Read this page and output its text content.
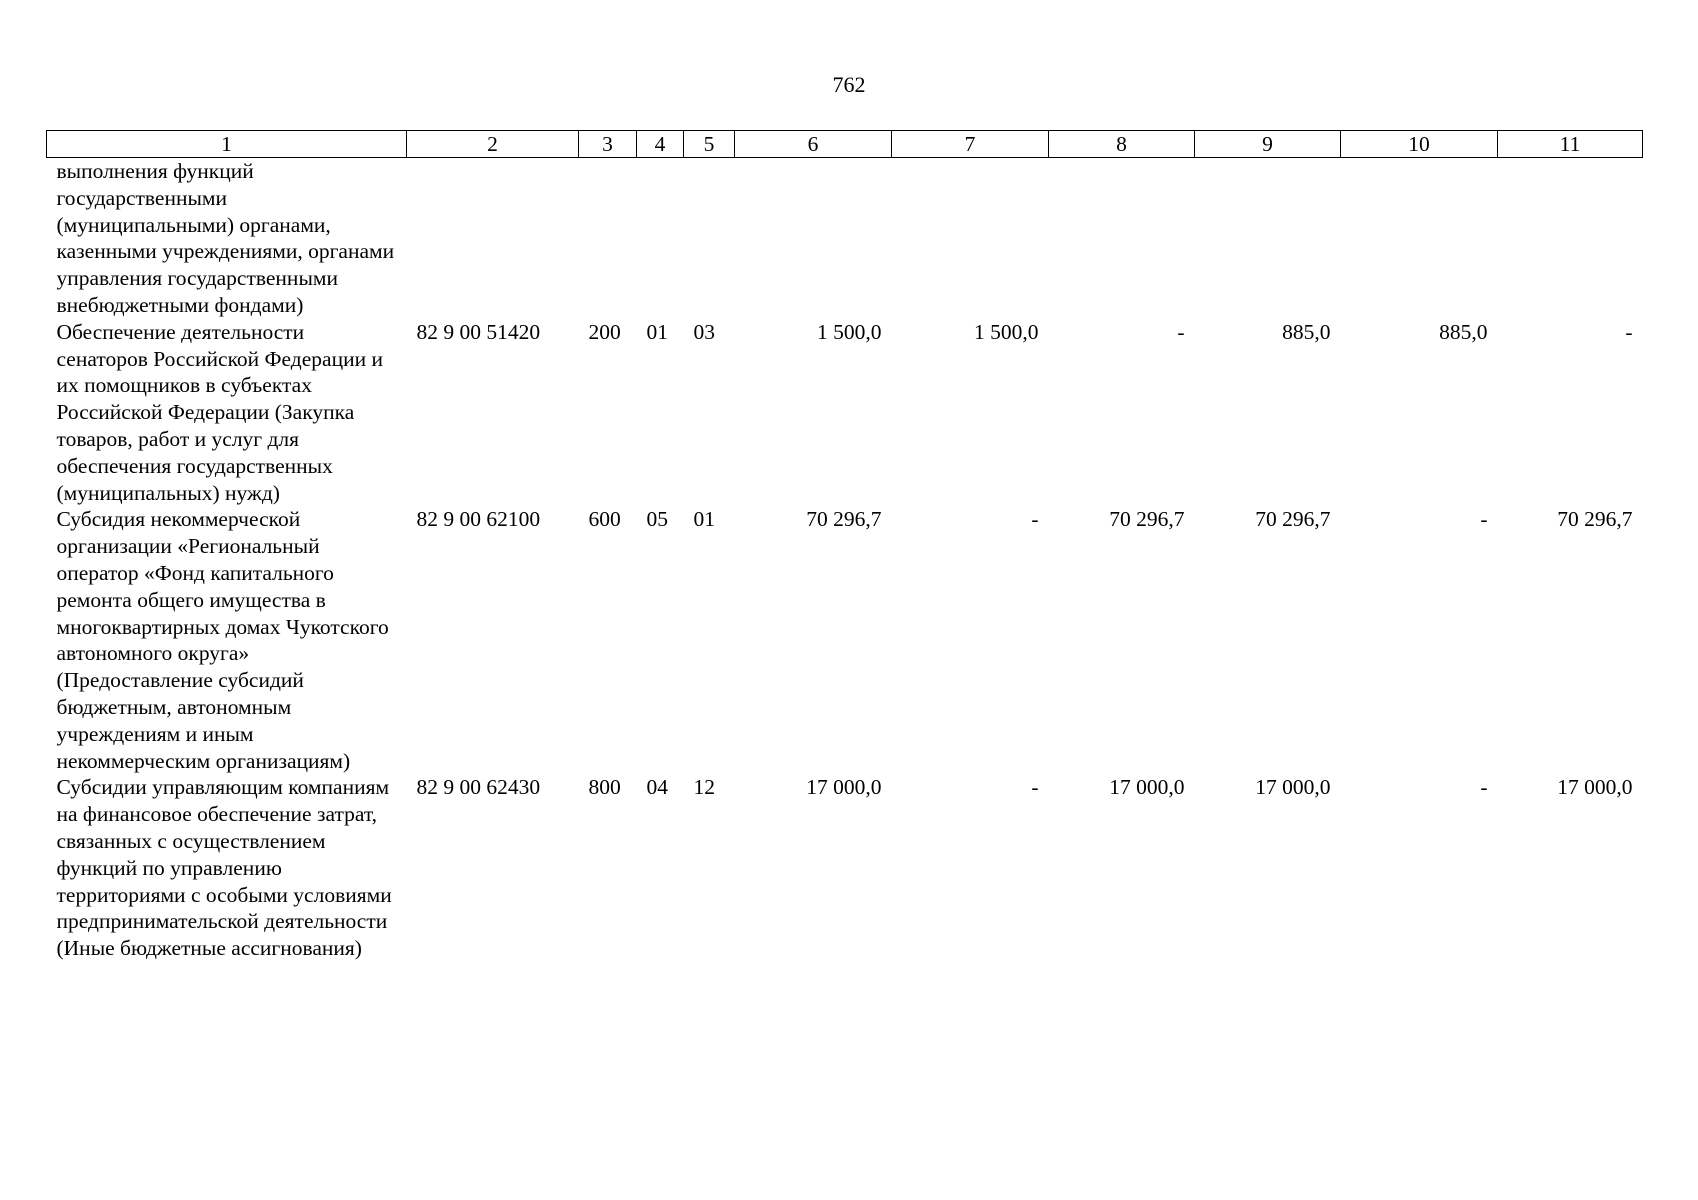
762
1	2	3	4	5	6	7	8	9	10	11
выполнения функций государственными (муниципальными) органами, казенными учреждениями, органами управления государственными внебюджетными фондами)										
Обеспечение деятельности сенаторов Российской Федерации и их помощников в субъектах Российской Федерации (Закупка товаров, работ и услуг для обеспечения государственных (муниципальных) нужд)	82 9 00 51420	200	01	03	1 500,0	1 500,0	-	885,0	885,0	-
Субсидия некоммерческой организации «Региональный оператор «Фонд капитального ремонта общего имущества в многоквартирных домах Чукотского автономного округа» (Предоставление субсидий бюджетным, автономным учреждениям и иным некоммерческим организациям)	82 9 00 62100	600	05	01	70 296,7	-	70 296,7	70 296,7	-	70 296,7
Субсидии управляющим компаниям на финансовое обеспечение затрат, связанных с осуществлением функций по управлению территориями с особыми условиями предпринимательской деятельности (Иные бюджетные ассигнования)	82 9 00 62430	800	04	12	17 000,0	-	17 000,0	17 000,0	-	17 000,0
